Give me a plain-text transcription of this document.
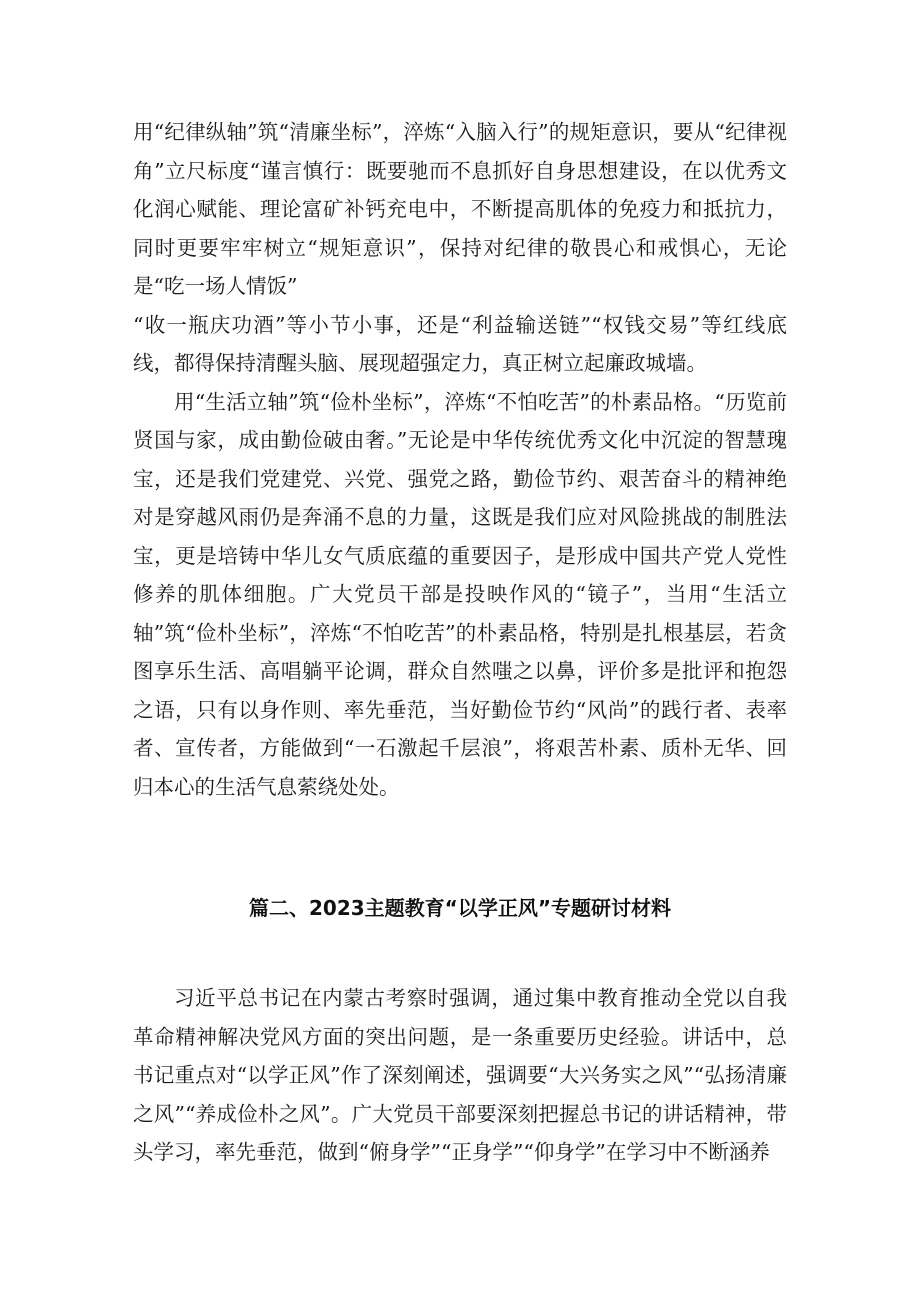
用“纪律纵轴”筑“清廉坐标”，淬炼“入脑入行”的规矩意识，要从“纪律视角”立尺标度“谨言慎行：既要驰而不息抓好自身思想建设，在以优秀文化润心赋能、理论富矿补钙充电中，不断提高肌体的免疫力和抵抗力，同时更要牢牢树立“规矩意识”，保持对纪律的敬畏心和戒惧心，无论是“吃一场人情饭”

“收一瓶庆功酒”等小节小事，还是“利益输送链”“权钱交易”等红线底线，都得保持清醒头脑、展现超强定力，真正树立起廉政城墙。

用“生活立轴”筑“俭朴坐标”，淬炼“不怕吃苦”的朴素品格。“历览前贤国与家，成由勤俭破由奢。”无论是中华传统优秀文化中沉淀的智慧瑰宝，还是我们党建党、兴党、强党之路，勤俭节约、艰苦奋斗的精神绝对是穿越风雨仍是奔涌不息的力量，这既是我们应对风险挑战的制胜法宝，更是培铸中华儿女气质底蕴的重要因子，是形成中国共产党人党性修养的肌体细胞。广大党员干部是投映作风的“镜子”，当用“生活立轴”筑“俭朴坐标”，淬炼“不怕吃苦”的朴素品格，特别是扎根基层，若贪图享乐生活、高唱躺平论调，群众自然嗤之以鼻，评价多是批评和抱怨之语，只有以身作则、率先垂范，当好勤俭节约“风尚”的践行者、表率者、宣传者，方能做到“一石激起千层浪”，将艰苦朴素、质朴无华、回归本心的生活气息萦绕处处。

篇二、2023主题教育“以学正风”专题研讨材料

习近平总书记在内蒙古考察时强调，通过集中教育推动全党以自我革命精神解决党风方面的突出问题，是一条重要历史经验。讲话中，总书记重点对“以学正风”作了深刻阐述，强调要“大兴务实之风”“弘扬清廉之风”“养成俭朴之风”。广大党员干部要深刻把握总书记的讲话精神，带头学习，率先垂范，做到“俯身学”“正身学”“仰身学”在学习中不断涵养
